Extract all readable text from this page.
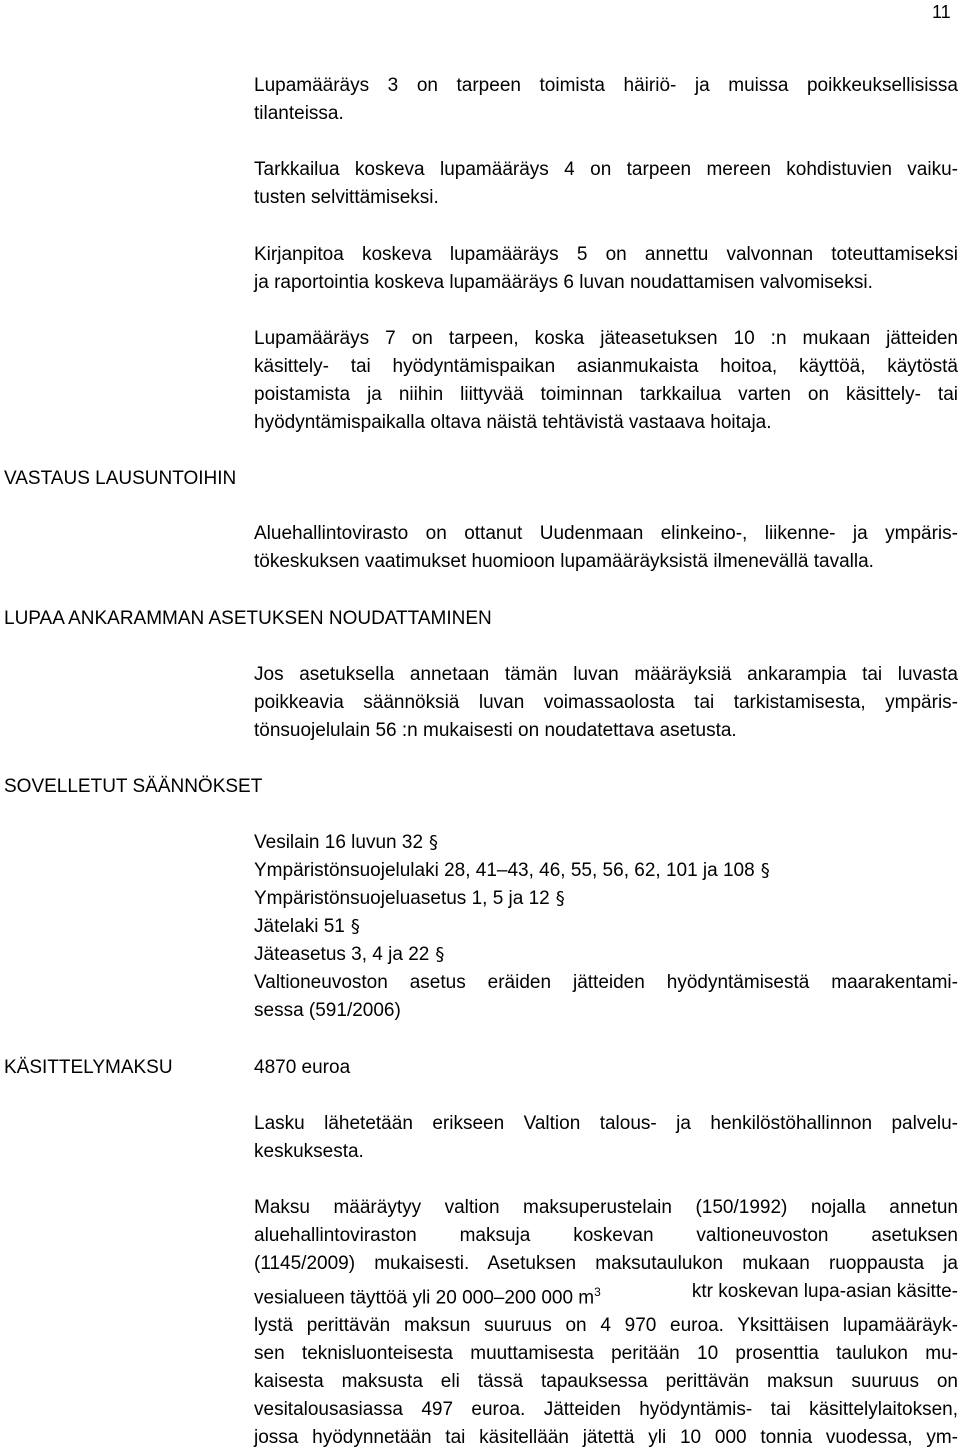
11

Lupamääräys 3 on tarpeen toimista häiriö- ja muissa poikkeuksellisissa
tilanteissa.

Tarkkailua koskeva lupamääräys 4 on tarpeen mereen kohdistuvien vaiku-
tusten selvittämiseksi.

Kirjanpitoa koskeva lupamääräys 5 on annettu valvonnan toteuttamiseksi
ja raportointia koskeva lupamääräys 6 luvan noudattamisen valvomiseksi.

Lupamääräys 7 on tarpeen, koska jäteasetuksen 10 :n mukaan jätteiden
käsittely- tai hyödyntämispaikan asianmukaista hoitoa, käyttöä, käytöstä
poistamista ja niihin liittyvää toiminnan tarkkailua varten on käsittely- tai
hyödyntämispaikalla oltava näistä tehtävistä vastaava hoitaja.

VASTAUS LAUSUNTOIHIN

Aluehallintovirasto on ottanut Uudenmaan elinkeino-, liikenne- ja ympäris-
tökeskuksen vaatimukset huomioon lupamääräyksistä ilmenevällä tavalla.

LUPAA ANKARAMMAN ASETUKSEN NOUDATTAMINEN

Jos asetuksella annetaan tämän luvan määräyksiä ankarampia tai luvasta
poikkeavia säännöksiä luvan voimassaolosta tai tarkistamisesta, ympäris-
tönsuojelulain 56 :n mukaisesti on noudatettava asetusta.

SOVELLETUT SÄÄNNÖKSET
Vesilain 16 luvun 32 §
Ympäristönsuojelulaki 28, 41–43, 46, 55, 56, 62, 101 ja 108 §
Ympäristönsuojeluasetus 1, 5 ja 12 §
Jätelaki 51 §
Jäteasetus 3, 4 ja 22 §
Valtioneuvoston asetus eräiden jätteiden hyödyntämisestä maarakentami-
sessa (591/2006)
KÄSITTELYMAKSU	4870 euroa

Lasku lähetetään erikseen Valtion talous- ja henkilöstöhallinnon palvelu-
keskuksesta.

Maksu määräytyy valtion maksuperustelain (150/1992) nojalla annetun
aluehallintoviraston maksuja koskevan valtioneuvoston asetuksen
(1145/2009) mukaisesti. Asetuksen maksutaulukon mukaan ruoppausta ja
vesialueen täyttöä yli 20 000–200 000 $m^3$	ktr koskevan lupa-asian käsitte-
lystä perittävän maksun suuruus on 4 970 euroa. Yksittäisen lupamääräyk-
sen teknisluonteisesta muuttamisesta peritään 10 prosenttia taulukon mu-
kaisesta maksusta eli tässä tapauksessa perittävän maksun suuruus on
vesitalousasiassa 497 euroa. Jätteiden hyödyntämis- tai käsittelylaitoksen,
jossa hyödynnetään tai käsitellään jätettä yli 10 000 tonnia vuodessa, ym-
